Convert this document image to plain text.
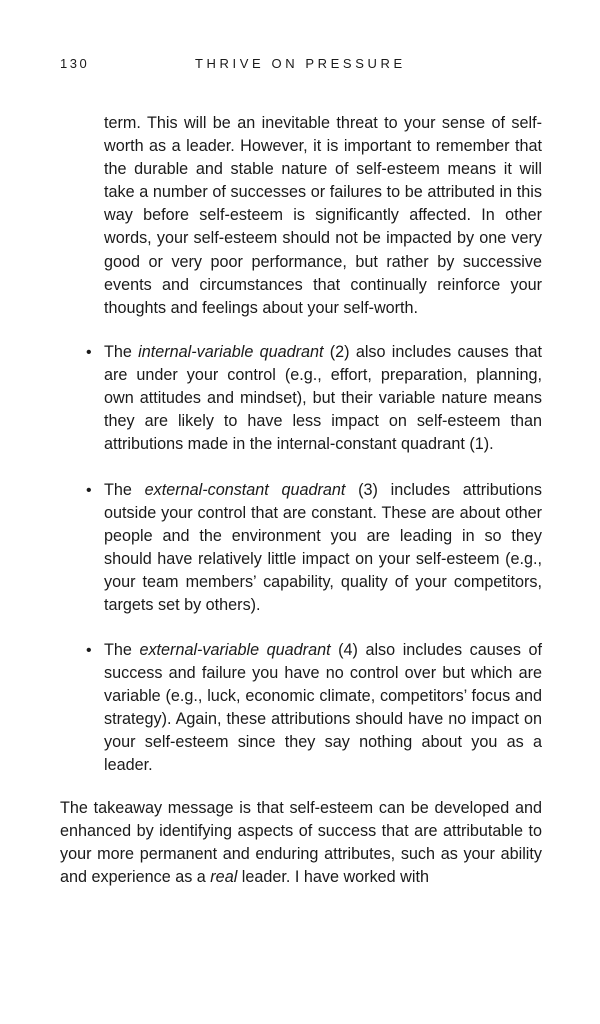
130	THRIVE ON PRESSURE

term. This will be an inevitable threat to your sense of self-worth as a leader. However, it is important to remember that the durable and stable nature of self-esteem means it will take a number of successes or failures to be attributed in this way before self-esteem is significantly affected. In other words, your self-esteem should not be impacted by one very good or very poor performance, but rather by successive events and circumstances that continually reinforce your thoughts and feelings about your self-worth.

• The internal-variable quadrant (2) also includes causes that are under your control (e.g., effort, preparation, planning, own attitudes and mindset), but their variable nature means they are likely to have less impact on self-esteem than attributions made in the internal-constant quadrant (1).

• The external-constant quadrant (3) includes attributions outside your control that are constant. These are about other people and the environment you are leading in so they should have relatively little impact on your self-esteem (e.g., your team members’ capability, quality of your competitors, targets set by others).

• The external-variable quadrant (4) also includes causes of success and failure you have no control over but which are variable (e.g., luck, economic climate, competitors’ focus and strategy). Again, these attributions should have no impact on your self-esteem since they say nothing about you as a leader.

The takeaway message is that self-esteem can be developed and enhanced by identifying aspects of success that are attributable to your more permanent and enduring attributes, such as your ability and experience as a real leader. I have worked with
